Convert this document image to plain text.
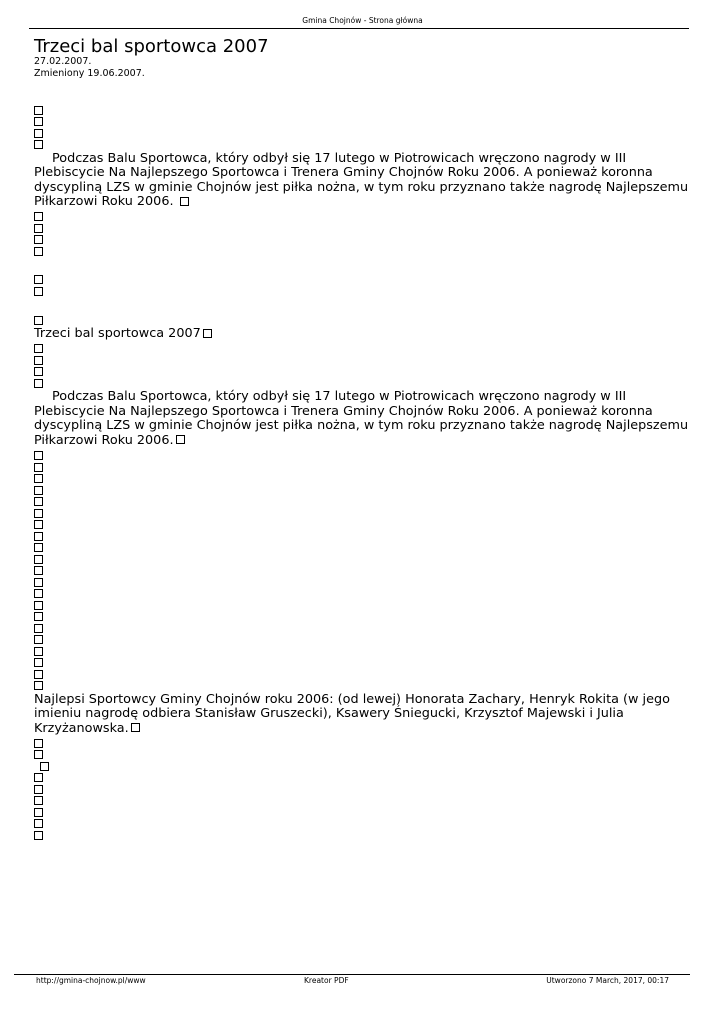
Gmina Chojnów - Strona główna
Trzeci bal sportowca 2007
27.02.2007.
Zmieniony 19.06.2007.

Podczas Balu Sportowca, który odbył się 17 lutego w Piotrowicach wręczono nagrody w III Plebiscycie Na Najlepszego Sportowca i Trenera Gminy Chojnów Roku 2006. A ponieważ koronna dyscypliną LZS w gminie Chojnów jest piłka nożna, w tym roku przyznano także nagrodę Najlepszemu Piłkarzowi Roku 2006.

Trzeci bal sportowca 2007

Podczas Balu Sportowca, który odbył się 17 lutego w Piotrowicach wręczono nagrody w III Plebiscycie Na Najlepszego Sportowca i Trenera Gminy Chojnów Roku 2006. A ponieważ koronna dyscypliną LZS w gminie Chojnów jest piłka nożna, w tym roku przyznano także nagrodę Najlepszemu Piłkarzowi Roku 2006.

Najlepsi Sportowcy Gminy Chojnów roku 2006: (od lewej) Honorata Zachary, Henryk Rokita (w jego imieniu nagrodę odbiera Stanisław Gruszecki), Ksawery Śniegucki, Krzysztof Majewski i Julia Krzyżanowska.

http://gmina-chojnow.pl/www	Kreator PDF	Utworzono 7 March, 2017, 00:17
